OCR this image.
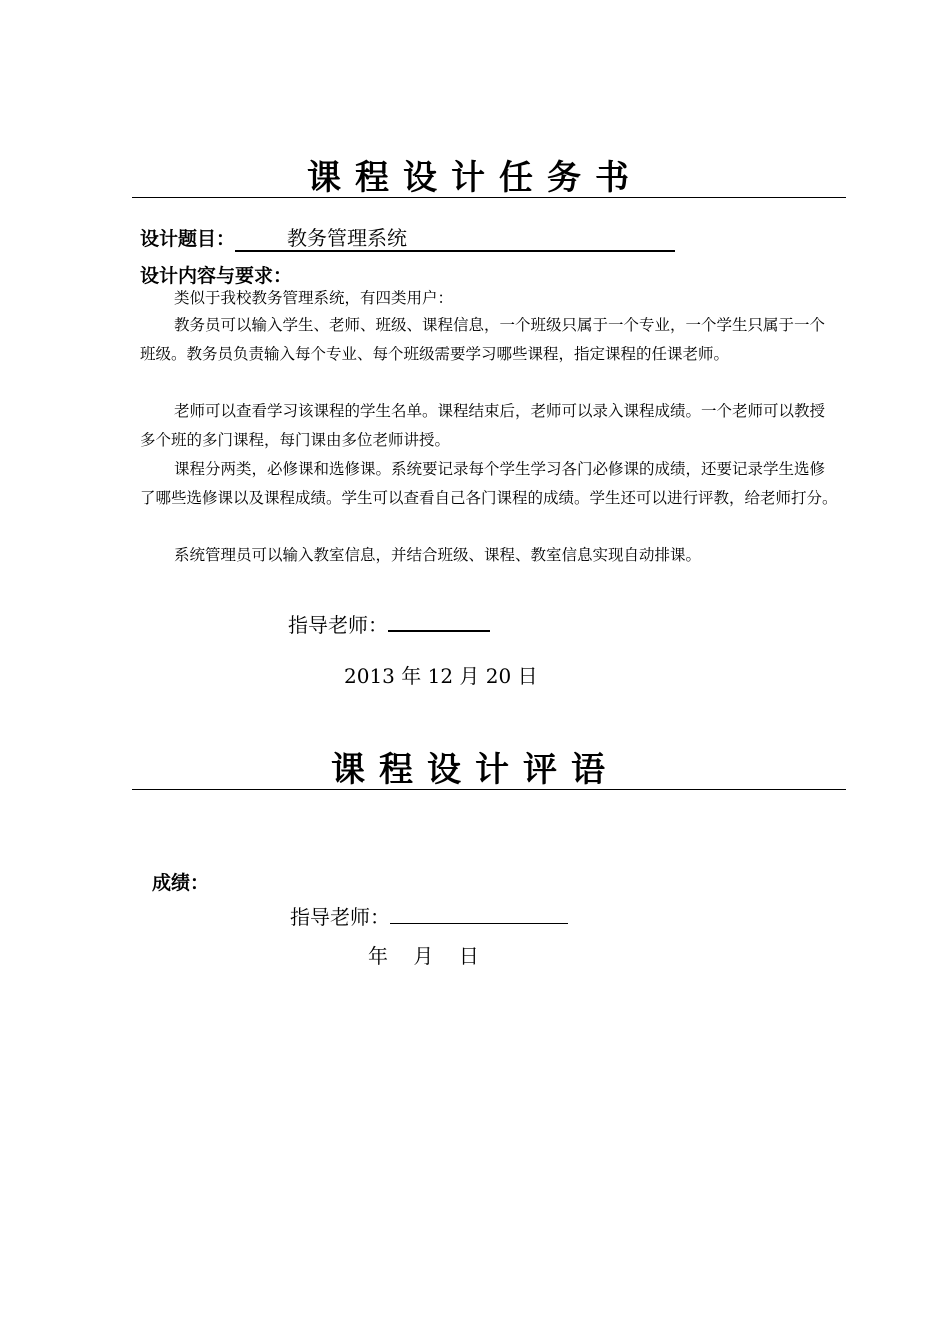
课程设计任务书
设计题目：	教务管理系统
设计内容与要求：

类似于我校教务管理系统，有四类用户：

教务员可以输入学生、老师、班级、课程信息，一个班级只属于一个专业，一个学生只属于一个班级。教务员负责输入每个专业、每个班级需要学习哪些课程，指定课程的任课老师。

老师可以查看学习该课程的学生名单。课程结束后，老师可以录入课程成绩。一个老师可以教授多个班的多门课程，每门课由多位老师讲授。

课程分两类，必修课和选修课。系统要记录每个学生学习各门必修课的成绩，还要记录学生选修了哪些选修课以及课程成绩。学生可以查看自己各门课程的成绩。学生还可以进行评教，给老师打分。

系统管理员可以输入教室信息，并结合班级、课程、教室信息实现自动排课。

指导老师：
2013 年 12 月 20 日
课程设计评语
成绩：
指导老师：
年    月    日
